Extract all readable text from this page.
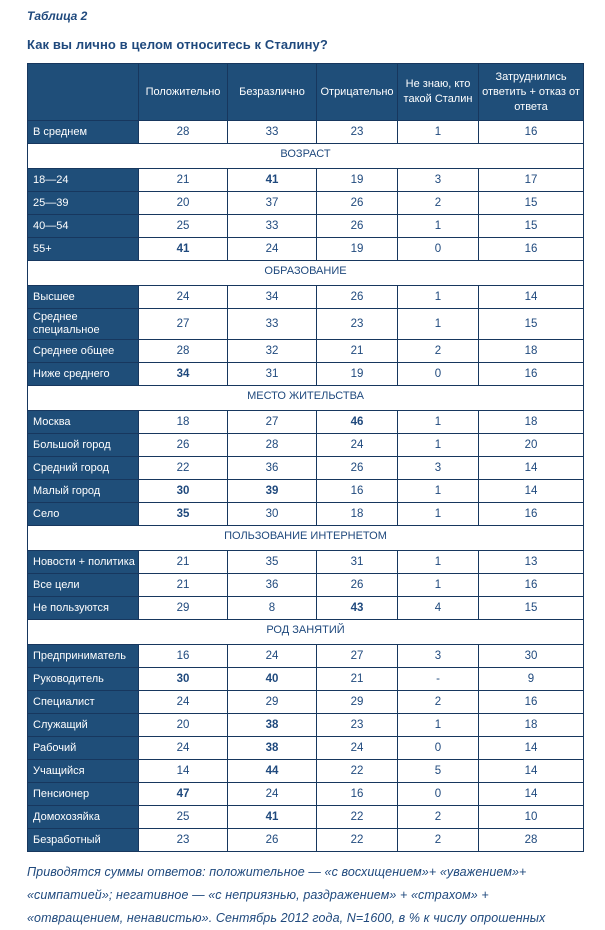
Таблица 2

Как вы лично в целом относитесь к Сталину?

	Положительно	Безразлично	Отрицательно	Не знаю, кто такой Сталин	Затруднились ответить + отказ от ответа
В среднем	28	33	23	1	16
ВОЗРАСТ					
18—24	21	41	19	3	17
25—39	20	37	26	2	15
40—54	25	33	26	1	15
55+	41	24	19	0	16
ОБРАЗОВАНИЕ					
Высшее	24	34	26	1	14
Среднее специальное	27	33	23	1	15
Среднее общее	28	32	21	2	18
Ниже среднего	34	31	19	0	16
МЕСТО ЖИТЕЛЬСТВА					
Москва	18	27	46	1	18
Большой город	26	28	24	1	20
Средний город	22	36	26	3	14
Малый город	30	39	16	1	14
Село	35	30	18	1	16
ПОЛЬЗОВАНИЕ ИНТЕРНЕТОМ					
Новости + политика	21	35	31	1	13
Все цели	21	36	26	1	16
Не пользуются	29	8	43	4	15
РОД ЗАНЯТИЙ					
Предприниматель	16	24	27	3	30
Руководитель	30	40	21	-	9
Специалист	24	29	29	2	16
Служащий	20	38	23	1	18
Рабочий	24	38	24	0	14
Учащийся	14	44	22	5	14
Пенсионер	47	24	16	0	14
Домохозяйка	25	41	22	2	10
Безработный	23	26	22	2	28

Приводятся суммы ответов: положительное — «с восхищением»+ «уважением»+ «симпатией»; негативное — «с неприязнью, раздражением» + «страхом» + «отвращением, ненавистью». Сентябрь 2012 года, N=1600, в % к числу опрошенных
